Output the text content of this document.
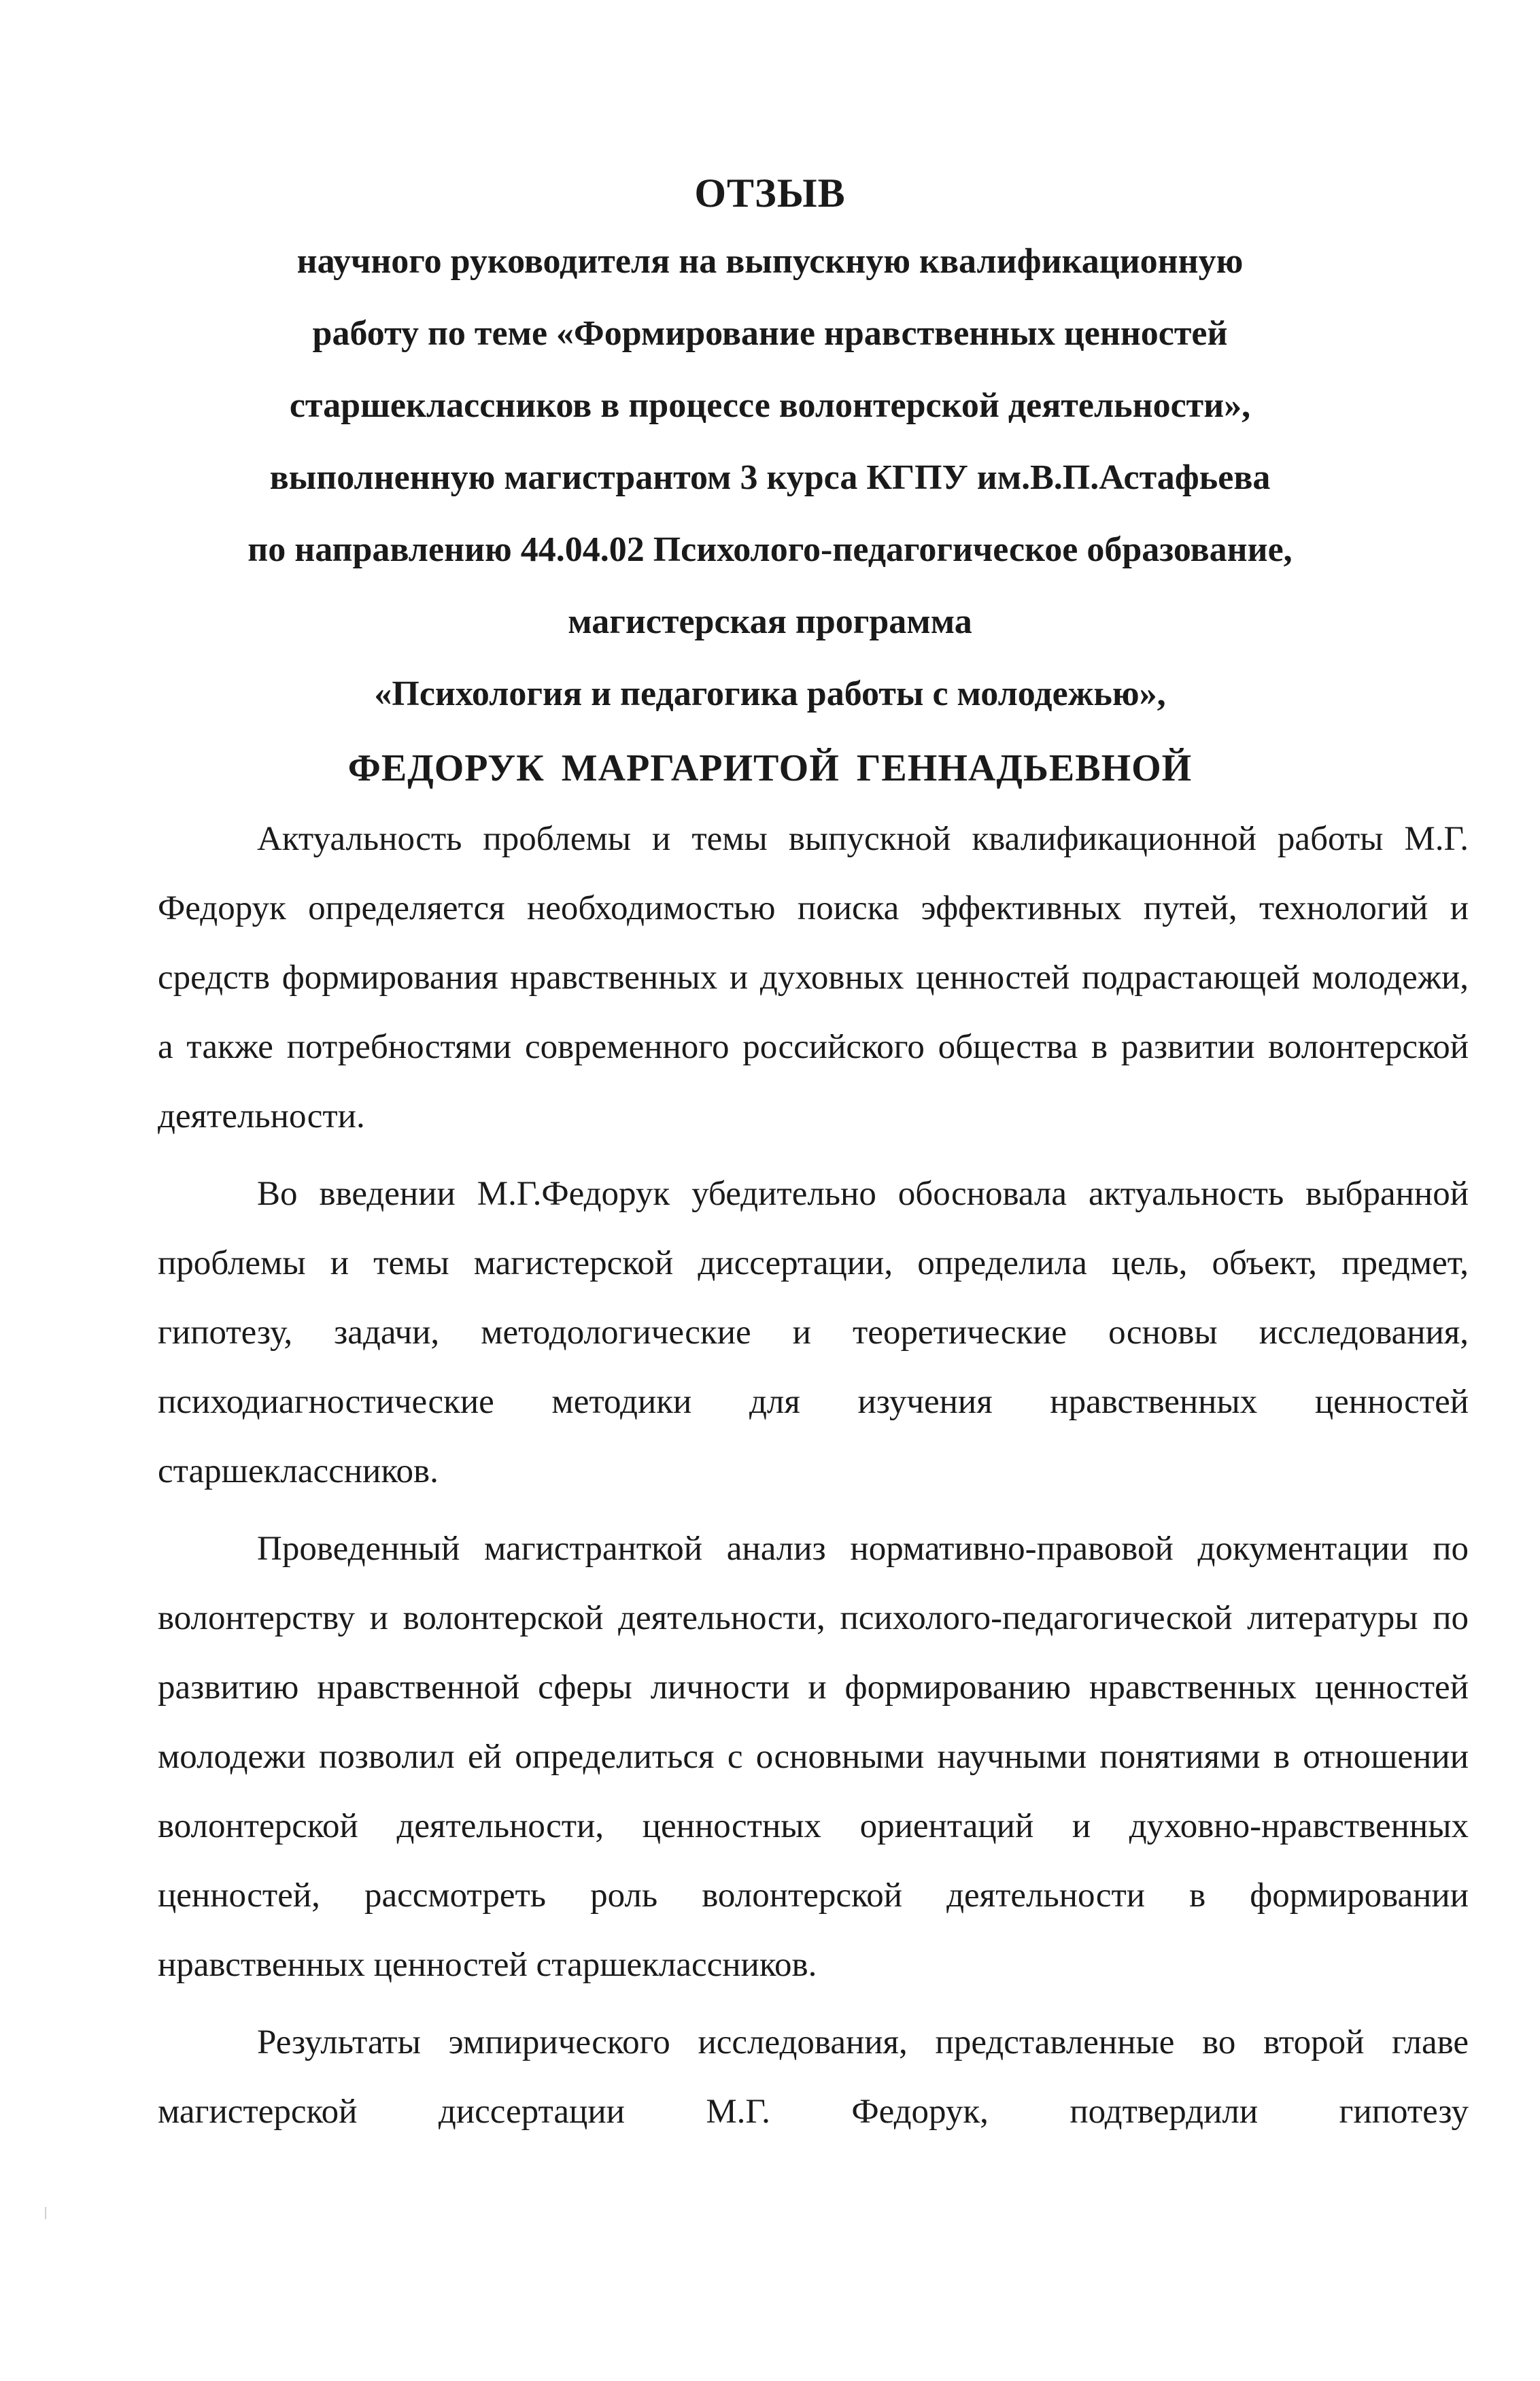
ОТЗЫВ
научного руководителя на выпускную квалификационную
работу по теме «Формирование нравственных ценностей
старшеклассников в процессе волонтерской деятельности»,
выполненную магистрантом 3 курса КГПУ им.В.П.Астафьева
по направлению 44.04.02 Психолого-педагогическое образование,
магистерская программа
«Психология и педагогика работы с молодежью»,
ФЕДОРУК МАРГАРИТОЙ ГЕННАДЬЕВНОЙ

Актуальность проблемы и темы выпускной квалификационной работы М.Г. Федорук определяется необходимостью поиска эффективных путей, технологий и средств формирования нравственных и духовных ценностей подрастающей молодежи, а также потребностями современного российского общества в развитии волонтерской деятельности.

Во введении М.Г.Федорук убедительно обосновала актуальность выбранной проблемы и темы магистерской диссертации, определила цель, объект, предмет, гипотезу, задачи, методологические и теоретические основы исследования, психодиагностические методики для изучения нравственных ценностей старшеклассников.

Проведенный магистранткой анализ нормативно-правовой документации по волонтерству и волонтерской деятельности, психолого-педагогической литературы по развитию нравственной сферы личности и формированию нравственных ценностей молодежи позволил ей определиться с основными научными понятиями в отношении волонтерской деятельности, ценностных ориентаций и духовно-нравственных ценностей, рассмотреть роль волонтерской деятельности в формировании нравственных ценностей старшеклассников.

Результаты эмпирического исследования, представленные во второй главе магистерской диссертации М.Г. Федорук, подтвердили гипотезу
